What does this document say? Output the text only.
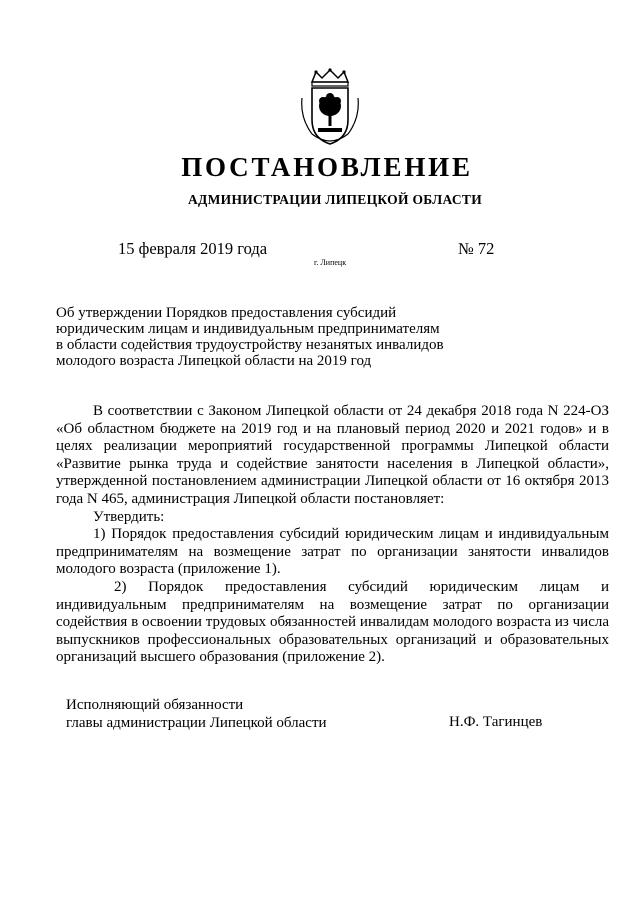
ПОСТАНОВЛЕНИЕ
АДМИНИСТРАЦИИ ЛИПЕЦКОЙ ОБЛАСТИ
15 февраля 2019 года
г. Липецк
№ 72
Об утверждении Порядков предоставления субсидий
юридическим лицам и индивидуальным предпринимателям
в области содействия трудоустройству незанятых инвалидов
молодого возраста Липецкой области на 2019 год

В соответствии с Законом Липецкой области от 24 декабря 2018 года N 224-ОЗ «Об областном бюджете на 2019 год и на плановый период 2020 и 2021 годов» и в целях реализации мероприятий государственной программы Липецкой области «Развитие рынка труда и содействие занятости населения в Липецкой области», утвержденной постановлением администрации Липецкой области от 16 октября 2013 года N 465, администрация Липецкой области постановляет:

Утвердить:

1) Порядок предоставления субсидий юридическим лицам и индивидуальным предпринимателям на возмещение затрат по организации занятости инвалидов молодого возраста (приложение 1).

2) Порядок предоставления субсидий юридическим лицам и индивидуальным предпринимателям на возмещение затрат по организации содействия в освоении трудовых обязанностей инвалидам молодого возраста из числа выпускников профессиональных образовательных организаций и образовательных организаций высшего образования (приложение 2).

Исполняющий обязанности
главы администрации Липецкой области	Н.Ф. Тагинцев
